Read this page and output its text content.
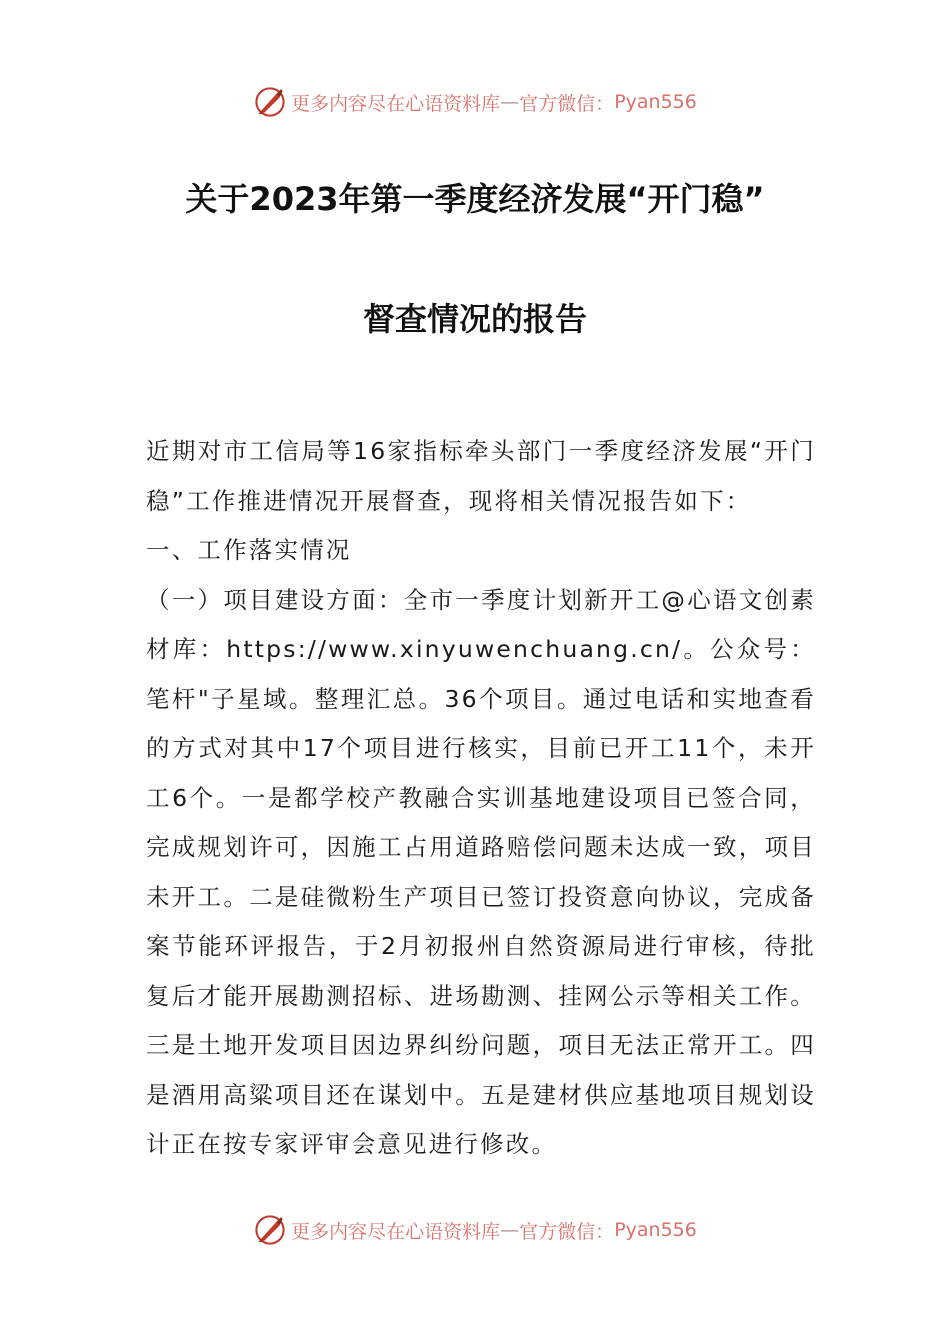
更多内容尽在心语资料库 — 官方微信： Pyan556
关于2023年第一季度经济发展“开门稳”
督查情况的报告

近期对市工信局等16家指标牵头部门一季度经济发展“开门稳”工作推进情况开展督查，现将相关情况报告如下：

一、工作落实情况

（一）项目建设方面：全市一季度计划新开工@心语文创素材库：https://www.xinyuwenchuang.cn/。公众号：笔杆"子星域。整理汇总。36个项目。通过电话和实地查看的方式对其中17个项目进行核实，目前已开工11个，未开工6个。一是都学校产教融合实训基地建设项目已签合同，完成规划许可，因施工占用道路赔偿问题未达成一致，项目未开工。二是硅微粉生产项目已签订投资意向协议，完成备案节能环评报告，于2月初报州自然资源局进行审核，待批复后才能开展勘测招标、进场勘测、挂网公示等相关工作。三是土地开发项目因边界纠纷问题，项目无法正常开工。四是酒用高粱项目还在谋划中。五是建材供应基地项目规划设计正在按专家评审会意见进行修改。

更多内容尽在心语资料库 — 官方微信： Pyan556
